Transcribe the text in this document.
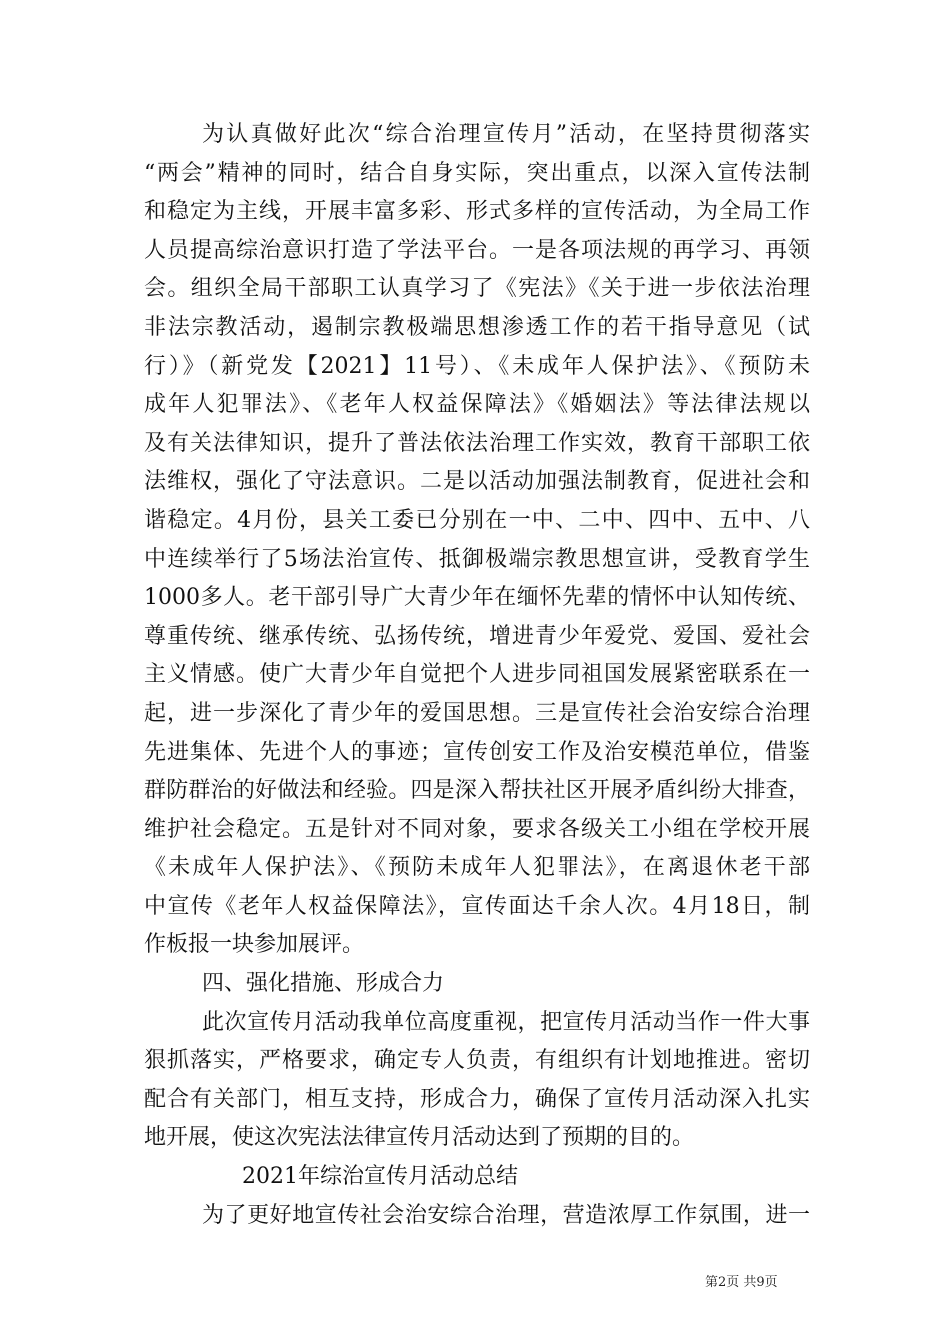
为认真做好此次“综合治理宣传月”活动，在坚持贯彻落实
“两会”精神的同时，结合自身实际，突出重点，以深入宣传法制
和稳定为主线，开展丰富多彩、形式多样的宣传活动，为全局工作
人员提高综治意识打造了学法平台。一是各项法规的再学习、再领
会。组织全局干部职工认真学习了《宪法》《关于进一步依法治理
非法宗教活动，遏制宗教极端思想渗透工作的若干指导意见（试
行）》（新党发【2021】11号）、《未成年人保护法》、《预防未
成年人犯罪法》、《老年人权益保障法》《婚姻法》等法律法规以
及有关法律知识，提升了普法依法治理工作实效，教育干部职工依
法维权，强化了守法意识。二是以活动加强法制教育，促进社会和
谐稳定。4月份，县关工委已分别在一中、二中、四中、五中、八
中连续举行了5场法治宣传、抵御极端宗教思想宣讲，受教育学生
1000多人。老干部引导广大青少年在缅怀先辈的情怀中认知传统、
尊重传统、继承传统、弘扬传统，增进青少年爱党、爱国、爱社会
主义情感。使广大青少年自觉把个人进步同祖国发展紧密联系在一
起，进一步深化了青少年的爱国思想。三是宣传社会治安综合治理
先进集体、先进个人的事迹；宣传创安工作及治安模范单位，借鉴
群防群治的好做法和经验。四是深入帮扶社区开展矛盾纠纷大排查，
维护社会稳定。五是针对不同对象，要求各级关工小组在学校开展
《未成年人保护法》、《预防未成年人犯罪法》，在离退休老干部
中宣传《老年人权益保障法》，宣传面达千余人次。4月18日，制
作板报一块参加展评。
四、强化措施、形成合力
此次宣传月活动我单位高度重视，把宣传月活动当作一件大事
狠抓落实，严格要求，确定专人负责，有组织有计划地推进。密切
配合有关部门，相互支持，形成合力，确保了宣传月活动深入扎实
地开展，使这次宪法法律宣传月活动达到了预期的目的。
2021年综治宣传月活动总结
为了更好地宣传社会治安综合治理，营造浓厚工作氛围，进一
第2页 共9页
